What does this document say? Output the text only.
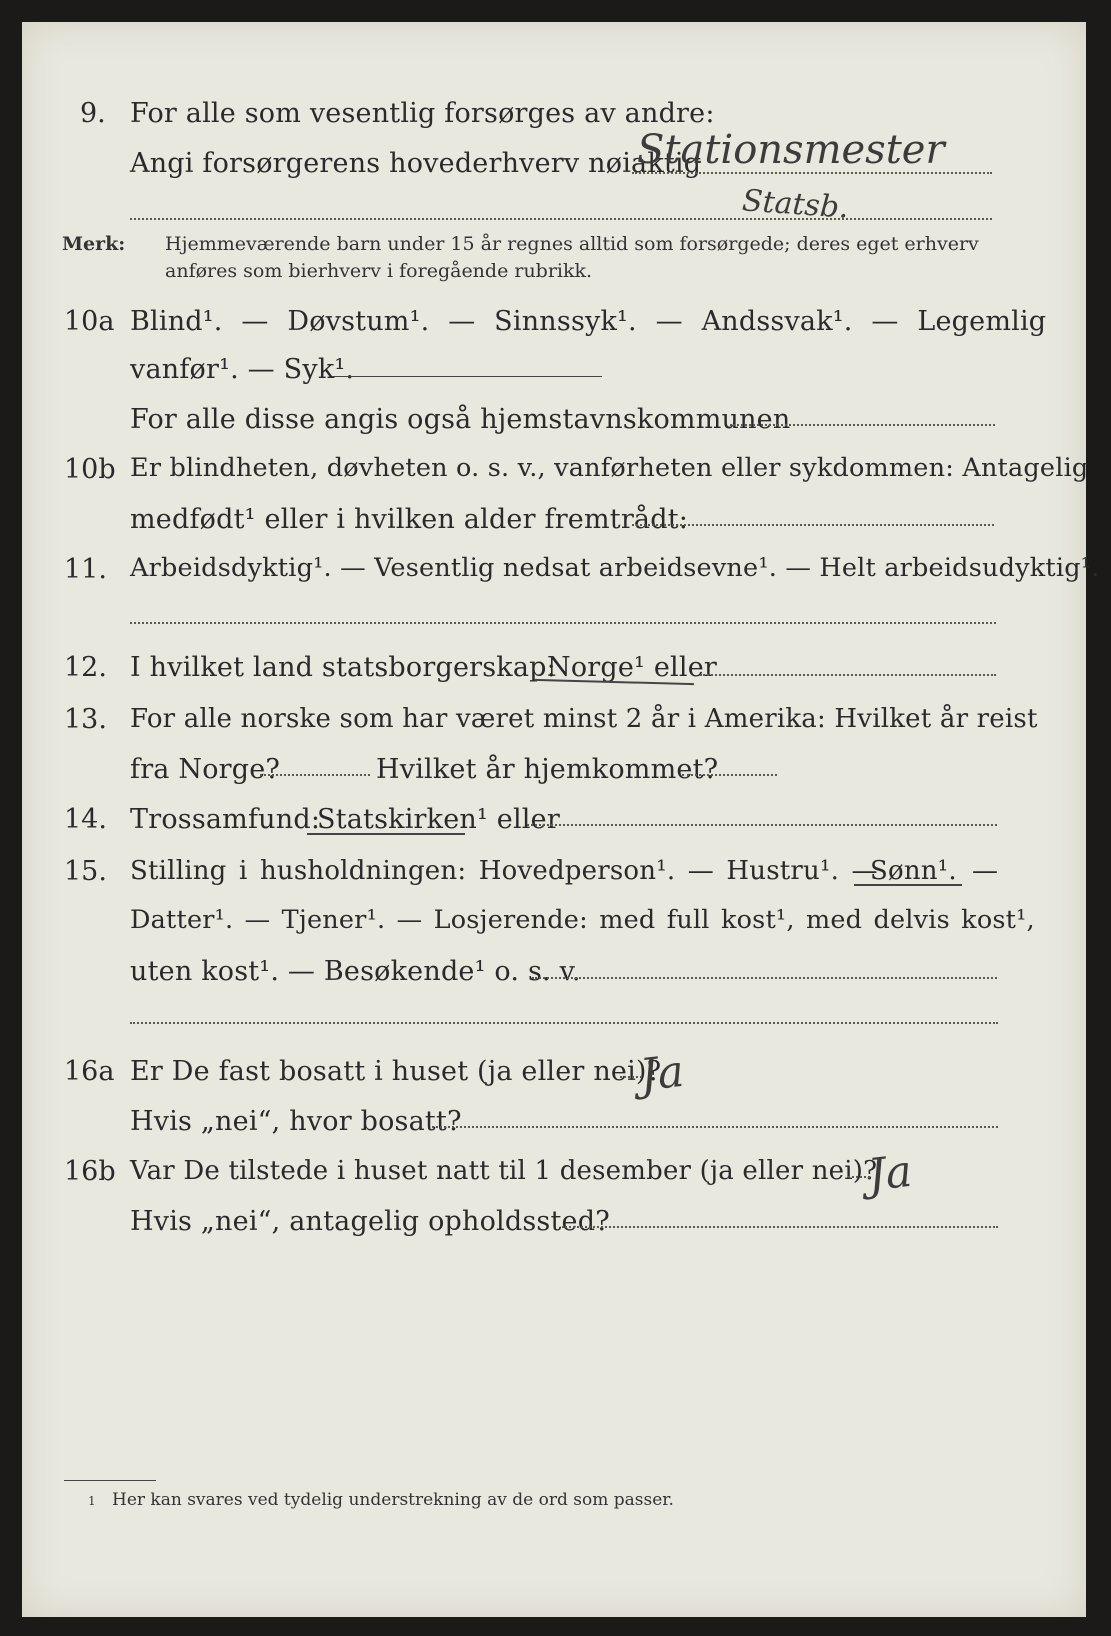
9. For alle som vesentlig forsørges av andre:
Angi forsørgerens hovederhverv nøiaktig
Stationsmester
Statsb.
Merk: Hjemmeværende barn under 15 år regnes alltid som forsørgede; deres eget erhverv
anføres som bierhverv i foregående rubrikk.
10a Blind¹. — Døvstum¹. — Sinnssyk¹. — Andssvak¹. — Legemlig
vanfør¹. — Syk¹.
For alle disse angis også hjemstavnskommunen
10b Er blindheten, døvheten o. s. v., vanførheten eller sykdommen: Antagelig
medfødt¹ eller i hvilken alder fremtrådt:
11. Arbeidsdyktig¹. — Vesentlig nedsat arbeidsevne¹. — Helt arbeidsudyktig¹.
12. I hvilket land statsborgerskap:
Norge¹ eller
13. For alle norske som har været minst 2 år i Amerika: Hvilket år reist
fra Norge?	Hvilket år hjemkommet?
14. Trossamfund:
Statskirken¹ eller
15. Stilling i husholdningen: Hovedperson¹. — Hustru¹. —
Sønn¹. —
Datter¹. — Tjener¹. — Losjerende: med full kost¹, med delvis kost¹,
uten kost¹. — Besøkende¹ o. s. v.
16a Er De fast bosatt i huset (ja eller nei)?
Ja
Hvis „nei“, hvor bosatt?
16b Var De tilstede i huset natt til 1 desember (ja eller nei)?
Ja
Hvis „nei“, antagelig opholdssted?
1 Her kan svares ved tydelig understrekning av de ord som passer.
